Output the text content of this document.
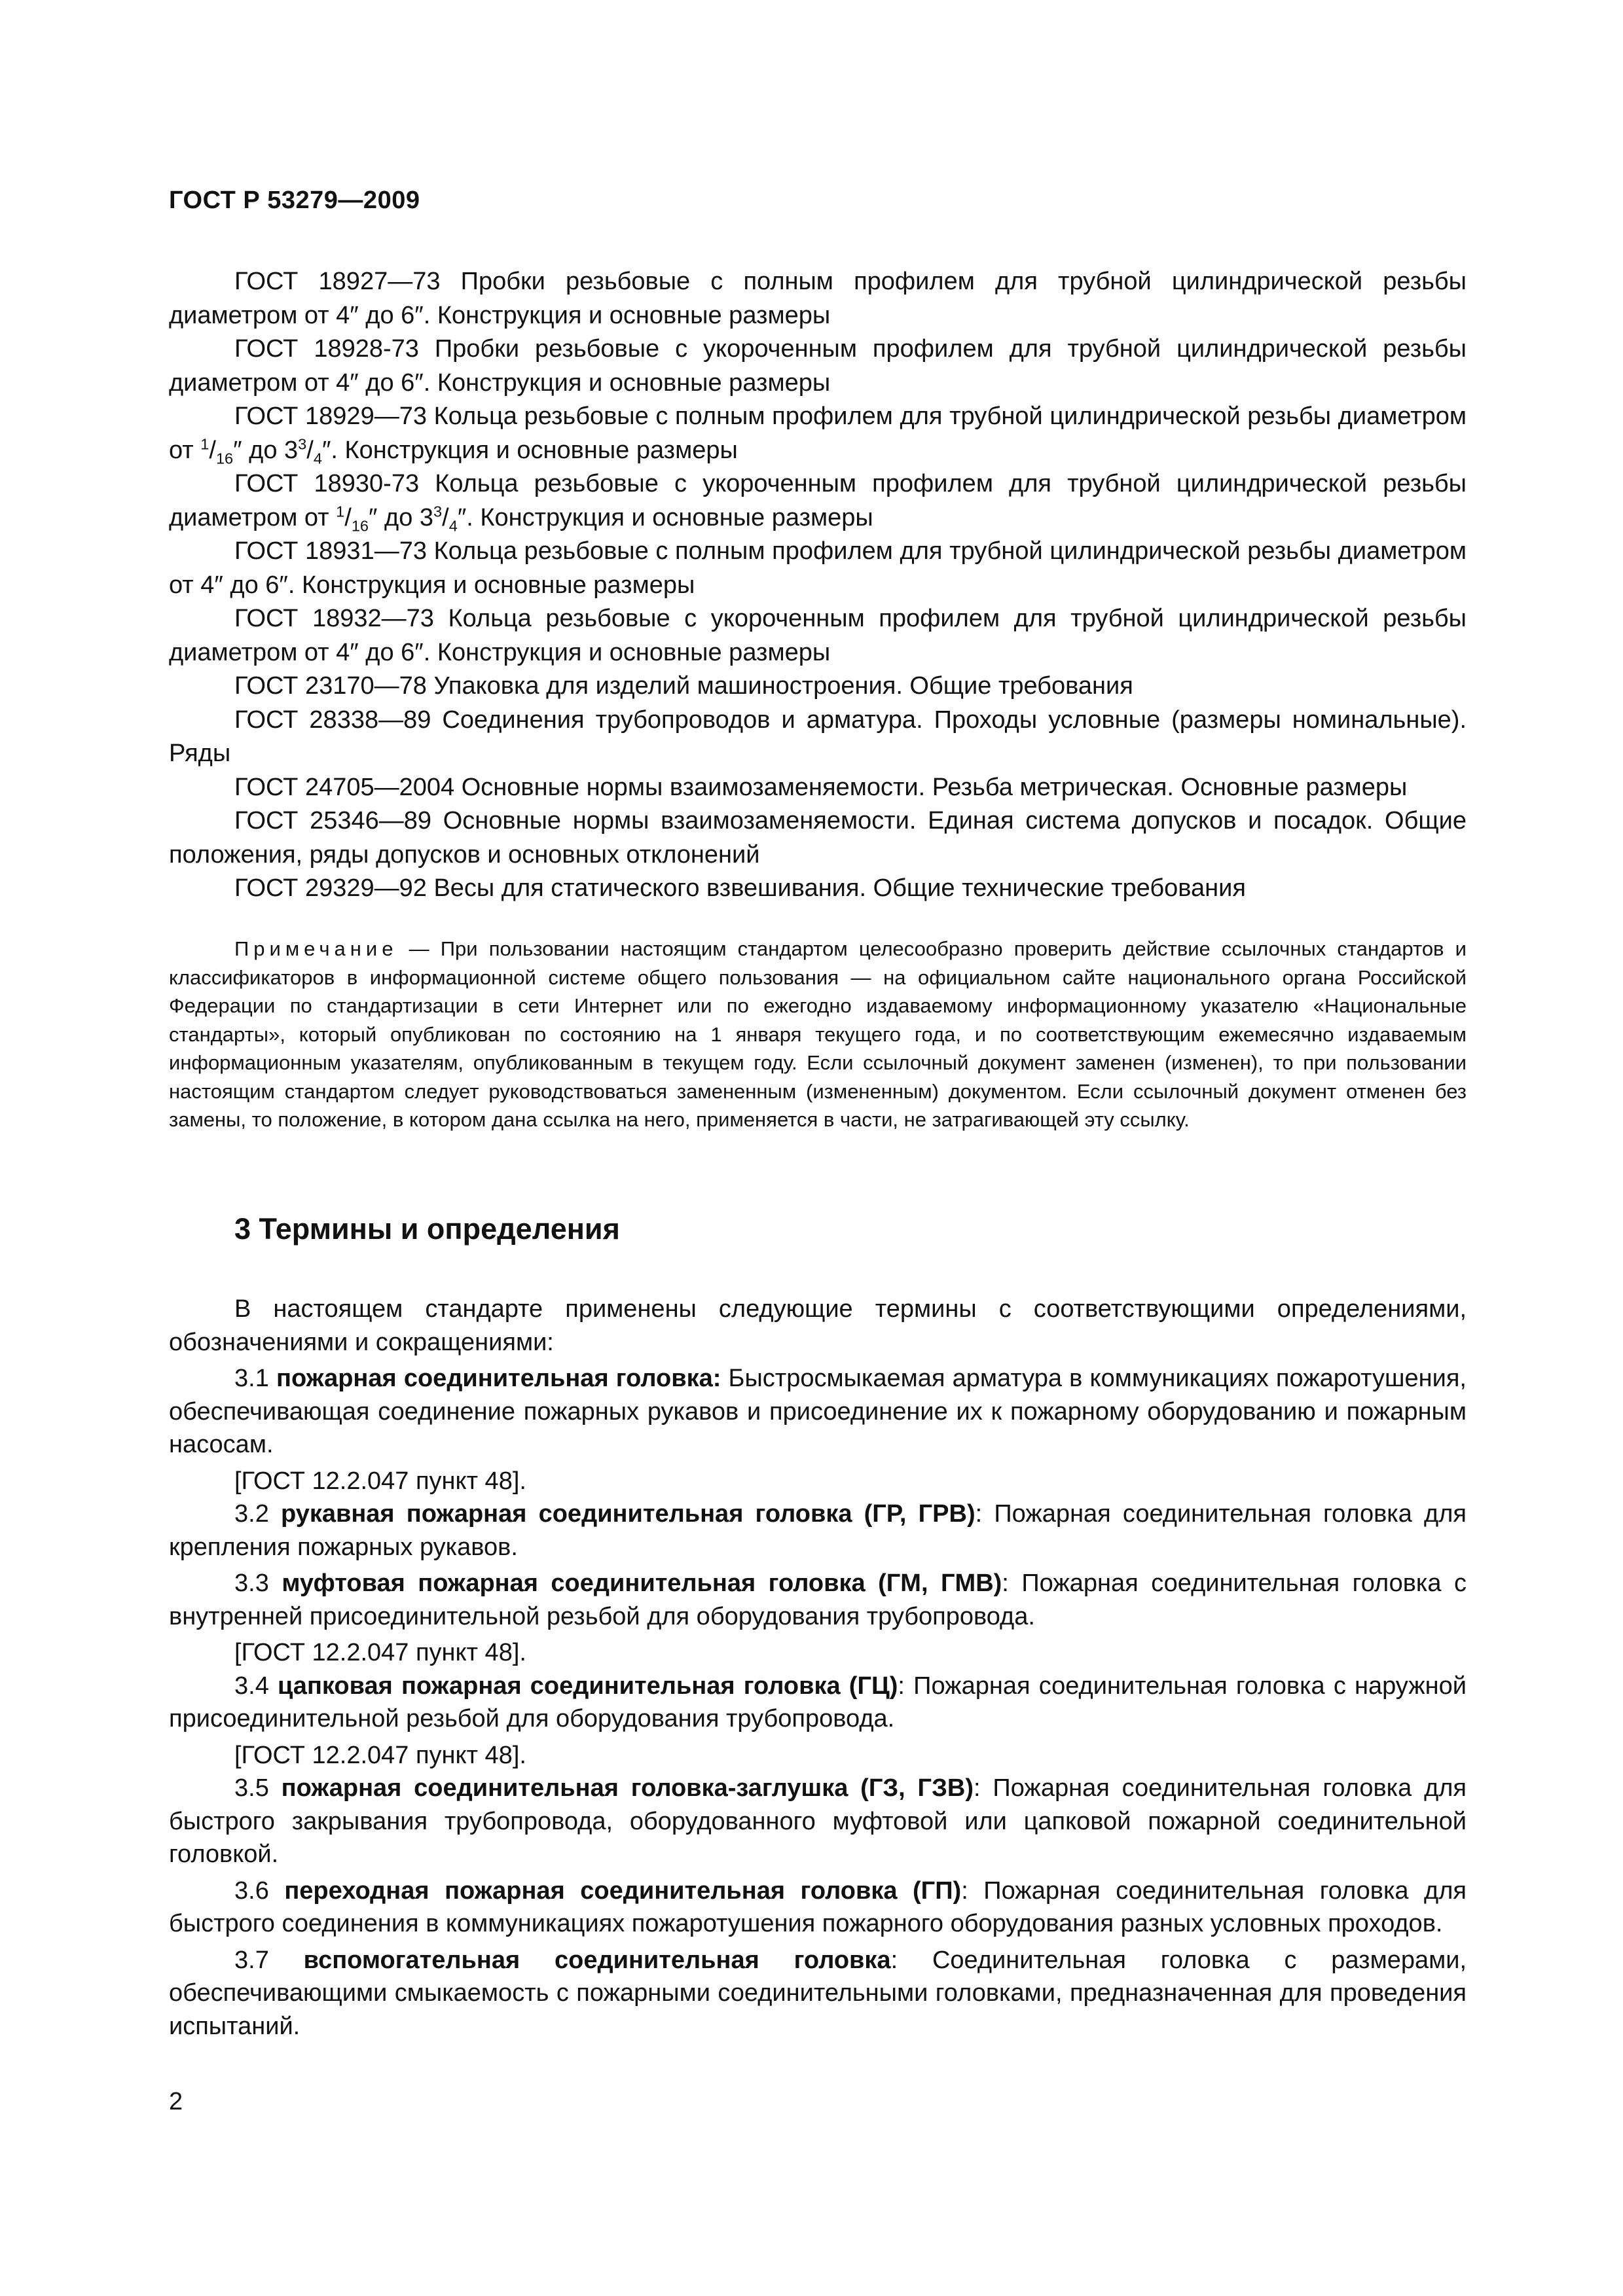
ГОСТ Р 53279—2009

ГОСТ 18927—73 Пробки резьбовые с полным профилем для трубной цилиндрической резьбы диаметром от 4″ до 6″. Конструкция и основные размеры

ГОСТ 18928-73 Пробки резьбовые с укороченным профилем для трубной цилиндрической резьбы диаметром от 4″ до 6″. Конструкция и основные размеры

ГОСТ 18929—73 Кольца резьбовые с полным профилем для трубной цилиндрической резьбы диаметром от $^1/_{16}''$ до $3^3/_4''$. Конструкция и основные размеры

ГОСТ 18930-73 Кольца резьбовые с укороченным профилем для трубной цилиндрической резьбы диаметром от $^1/_{16}''$ до $3^3/_4''$. Конструкция и основные размеры

ГОСТ 18931—73 Кольца резьбовые с полным профилем для трубной цилиндрической резьбы диаметром от 4″ до 6″. Конструкция и основные размеры

ГОСТ 18932—73 Кольца резьбовые с укороченным профилем для трубной цилиндрической резьбы диаметром от 4″ до 6″. Конструкция и основные размеры

ГОСТ 23170—78 Упаковка для изделий машиностроения. Общие требования

ГОСТ 28338—89 Соединения трубопроводов и арматура. Проходы условные (размеры номинальные). Ряды

ГОСТ 24705—2004 Основные нормы взаимозаменяемости. Резьба метрическая. Основные размеры

ГОСТ 25346—89 Основные нормы взаимозаменяемости. Единая система допусков и посадок. Общие положения, ряды допусков и основных отклонений

ГОСТ 29329—92 Весы для статического взвешивания. Общие технические требования

Примечание — При пользовании настоящим стандартом целесообразно проверить действие ссылочных стандартов и классификаторов в информационной системе общего пользования — на официальном сайте национального органа Российской Федерации по стандартизации в сети Интернет или по ежегодно издаваемому информационному указателю «Национальные стандарты», который опубликован по состоянию на 1 января текущего года, и по соответствующим ежемесячно издаваемым информационным указателям, опубликованным в текущем году. Если ссылочный документ заменен (изменен), то при пользовании настоящим стандартом следует руководствоваться замененным (измененным) документом. Если ссылочный документ отменен без замены, то положение, в котором дана ссылка на него, применяется в части, не затрагивающей эту ссылку.

3 Термины и определения

В настоящем стандарте применены следующие термины с соответствующими определениями, обозначениями и сокращениями:

3.1 пожарная соединительная головка: Быстросмыкаемая арматура в коммуникациях пожаротушения, обеспечивающая соединение пожарных рукавов и присоединение их к пожарному оборудованию и пожарным насосам.

[ГОСТ 12.2.047 пункт 48].

3.2 рукавная пожарная соединительная головка (ГР, ГРВ): Пожарная соединительная головка для крепления пожарных рукавов.

3.3 муфтовая пожарная соединительная головка (ГМ, ГМВ): Пожарная соединительная головка с внутренней присоединительной резьбой для оборудования трубопровода.

[ГОСТ 12.2.047 пункт 48].

3.4 цапковая пожарная соединительная головка (ГЦ): Пожарная соединительная головка с наружной присоединительной резьбой для оборудования трубопровода.

[ГОСТ 12.2.047 пункт 48].

3.5 пожарная соединительная головка-заглушка (ГЗ, ГЗВ): Пожарная соединительная головка для быстрого закрывания трубопровода, оборудованного муфтовой или цапковой пожарной соединительной головкой.

3.6 переходная пожарная соединительная головка (ГП): Пожарная соединительная головка для быстрого соединения в коммуникациях пожаротушения пожарного оборудования разных условных проходов.

3.7 вспомогательная соединительная головка: Соединительная головка с размерами, обеспечивающими смыкаемость с пожарными соединительными головками, предназначенная для проведения испытаний.

2
